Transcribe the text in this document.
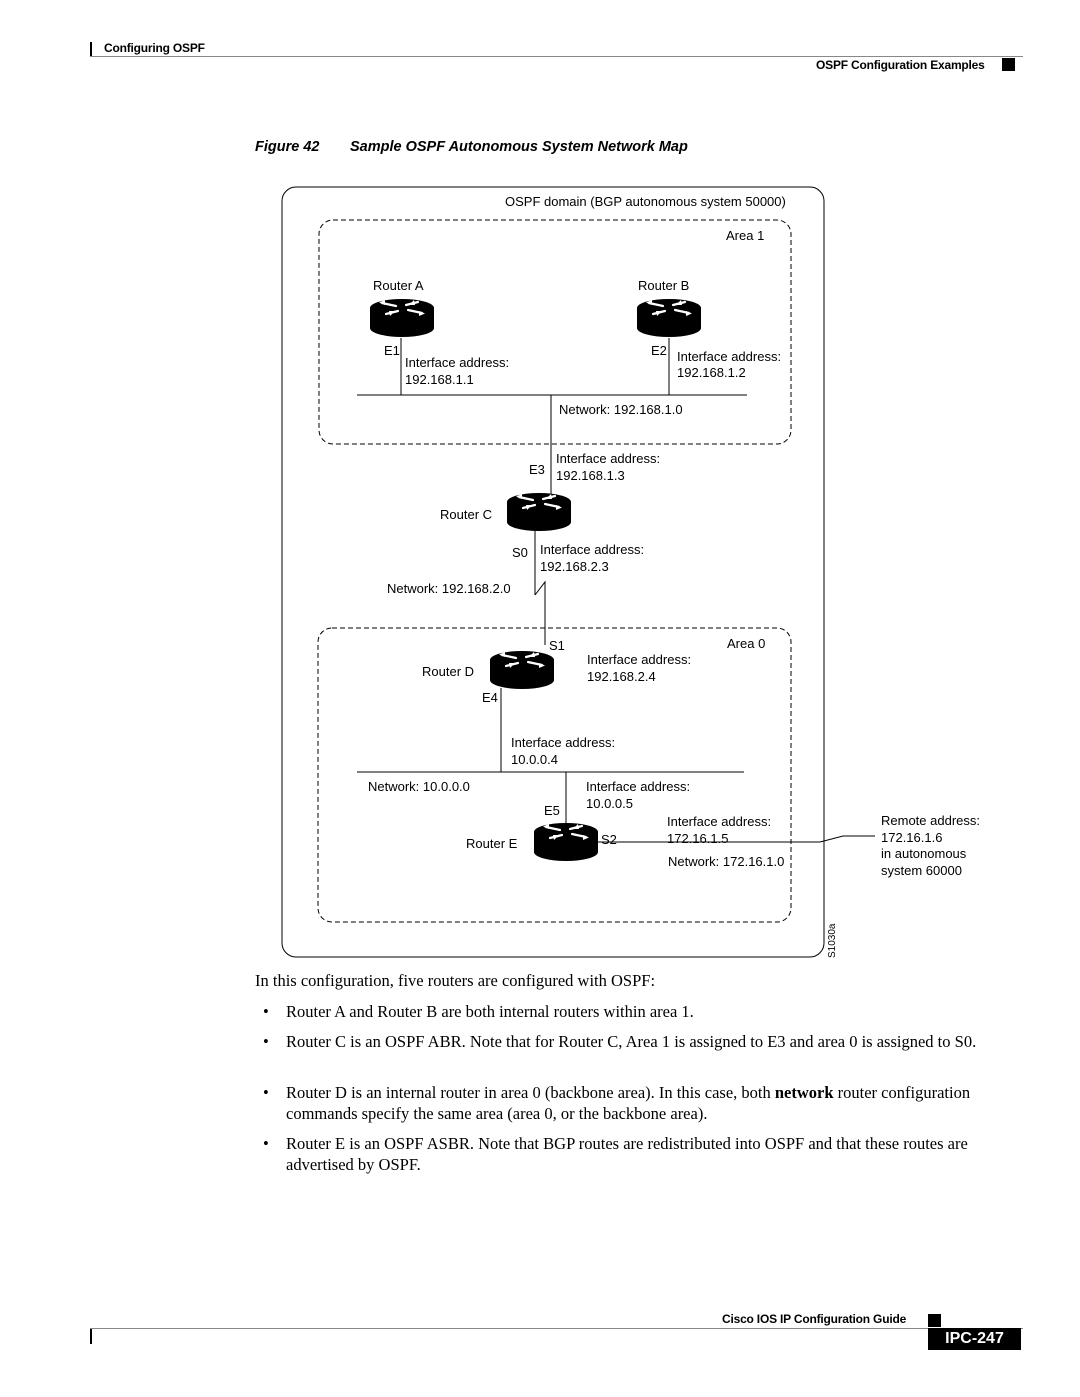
Configuring OSPF
OSPF Configuration Examples
Figure 42 Sample OSPF Autonomous System Network Map
OSPF domain (BGP autonomous system 50000)
Area 1
Area 0
Router A	Router B
Router C
Router D
Router E
E1	E2
E3
S0
S1
E4
E5
S2
Interface address:
192.168.1.1
Interface address:
192.168.1.2
Interface address:
192.168.1.3
Interface address:
192.168.2.3
Interface address:
192.168.2.4
Interface address:
10.0.0.4
Interface address:
10.0.0.5
Interface address:
172.16.1.5
Network: 192.168.1.0
Network: 192.168.2.0
Network: 10.0.0.0
Network: 172.16.1.0
Remote address:
172.16.1.6
in autonomous
system 60000
S1030a
In this configuration, five routers are configured with OSPF:
• Router A and Router B are both internal routers within area 1.
• Router C is an OSPF ABR. Note that for Router C, Area 1 is assigned to E3 and area 0 is assigned to S0.
• Router D is an internal router in area 0 (backbone area). In this case, both network router configuration commands specify the same area (area 0, or the backbone area).
• Router E is an OSPF ASBR. Note that BGP routes are redistributed into OSPF and that these routes are advertised by OSPF.
Cisco IOS IP Configuration Guide
IPC-247
